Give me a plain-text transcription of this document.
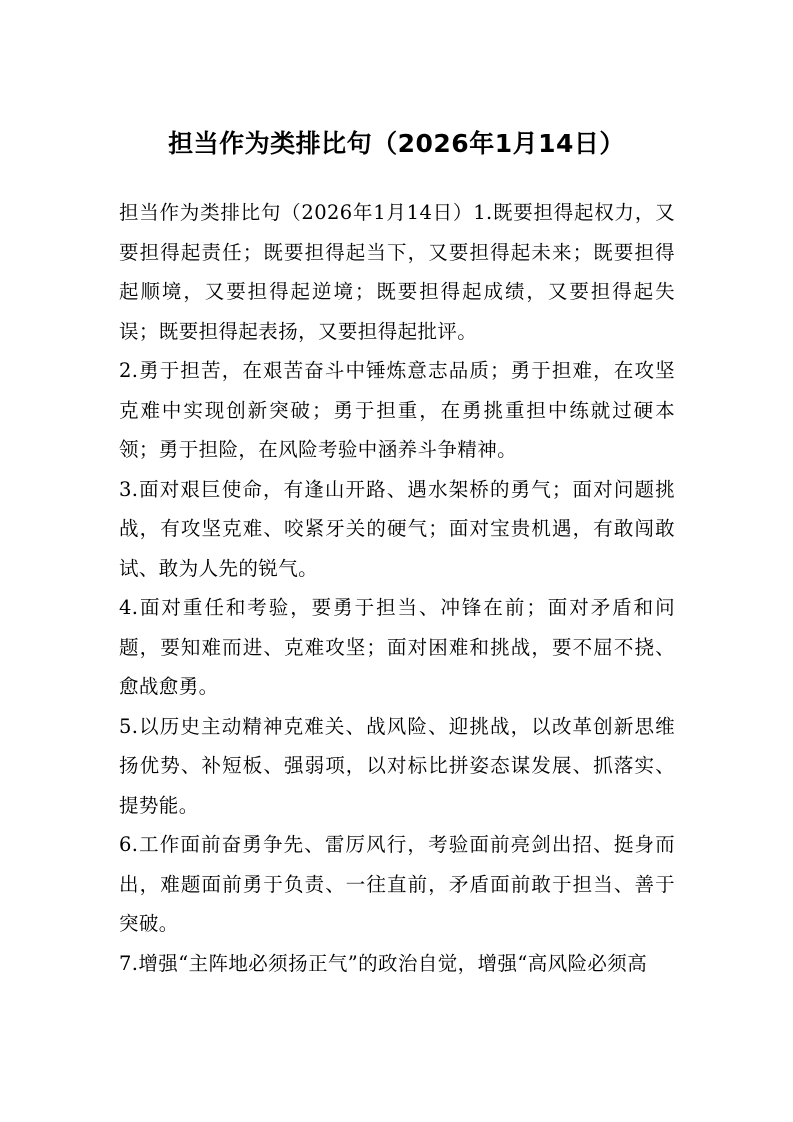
担当作为类排比句（2026年1月14日）

担当作为类排比句（2026年1月14日）1.既要担得起权力，又要担得起责任；既要担得起当下，又要担得起未来；既要担得起顺境，又要担得起逆境；既要担得起成绩，又要担得起失误；既要担得起表扬，又要担得起批评。

2.勇于担苦，在艰苦奋斗中锤炼意志品质；勇于担难，在攻坚克难中实现创新突破；勇于担重，在勇挑重担中练就过硬本领；勇于担险，在风险考验中涵养斗争精神。

3.面对艰巨使命，有逢山开路、遇水架桥的勇气；面对问题挑战，有攻坚克难、咬紧牙关的硬气；面对宝贵机遇，有敢闯敢试、敢为人先的锐气。

4.面对重任和考验，要勇于担当、冲锋在前；面对矛盾和问题，要知难而进、克难攻坚；面对困难和挑战，要不屈不挠、愈战愈勇。

5.以历史主动精神克难关、战风险、迎挑战，以改革创新思维扬优势、补短板、强弱项，以对标比拼姿态谋发展、抓落实、提势能。

6.工作面前奋勇争先、雷厉风行，考验面前亮剑出招、挺身而出，难题面前勇于负责、一往直前，矛盾面前敢于担当、善于突破。

7.增强“主阵地必须扬正气”的政治自觉，增强“高风险必须高
